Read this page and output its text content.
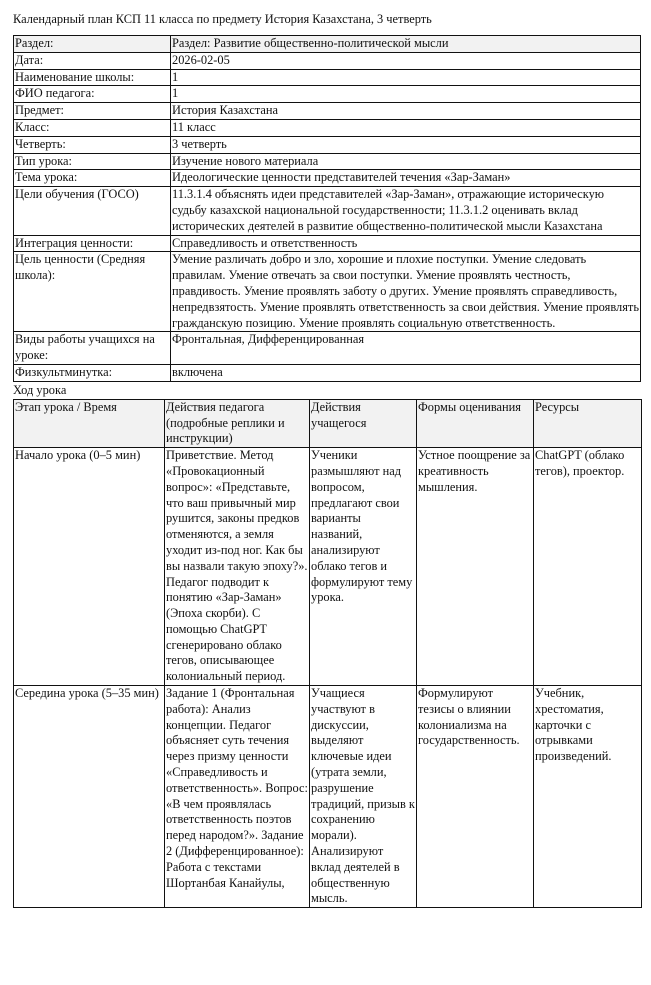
Календарный план КСП 11 класса по предмету История Казахстана, 3 четверть
Раздел:	Раздел: Развитие общественно-политической мысли
Дата:	2026-02-05
Наименование школы:	1
ФИО педагога:	1
Предмет:	История Казахстана
Класс:	11 класс
Четверть:	3 четверть
Тип урока:	Изучение нового материала
Тема урока:	Идеологические ценности представителей течения «Зар-Заман»
Цели обучения (ГОСО)	11.3.1.4 объяснять идеи представителей «Зар-Заман», отражающие историческую судьбу казахской национальной государственности; 11.3.1.2 оценивать вклад исторических деятелей в развитие общественно-политической мысли Казахстана
Интеграция ценности:	Справедливость и ответственность
Цель ценности (Средняя школа):	Умение различать добро и зло, хорошие и плохие поступки. Умение следовать правилам. Умение отвечать за свои поступки. Умение проявлять честность, правдивость. Умение проявлять заботу о других. Умение проявлять справедливость, непредвзятость. Умение проявлять ответственность за свои действия. Умение проявлять гражданскую позицию. Умение проявлять социальную ответственность.
Виды работы учащихся на уроке:	Фронтальная, Дифференцированная
Физкультминутка:	включена
Ход урока
Этап урока / Время	Действия педагога (подробные реплики и инструкции)	Действия учащегося	Формы оценивания	Ресурсы
Начало урока (0–5 мин)	Приветствие. Метод «Провокационный вопрос»: «Представьте, что ваш привычный мир рушится, законы предков отменяются, а земля уходит из-под ног. Как бы вы назвали такую эпоху?». Педагог подводит к понятию «Зар-Заман» (Эпоха скорби). С помощью ChatGPT сгенерировано облако тегов, описывающее колониальный период.	Ученики размышляют над вопросом, предлагают свои варианты названий, анализируют облако тегов и формулируют тему урока.	Устное поощрение за креативность мышления.	ChatGPT (облако тегов), проектор.
Середина урока (5–35 мин)	Задание 1 (Фронтальная работа): Анализ концепции. Педагог объясняет суть течения через призму ценности «Справедливость и ответственность». Вопрос: «В чем проявлялась ответственность поэтов перед народом?». Задание 2 (Дифференцированное): Работа с текстами Шортанбая Канайулы,	Учащиеся участвуют в дискуссии, выделяют ключевые идеи (утрата земли, разрушение традиций, призыв к сохранению морали). Анализируют вклад деятелей в общественную мысль.	Формулируют тезисы о влиянии колониализма на государственность.	Учебник, хрестоматия, карточки с отрывками произведений.
